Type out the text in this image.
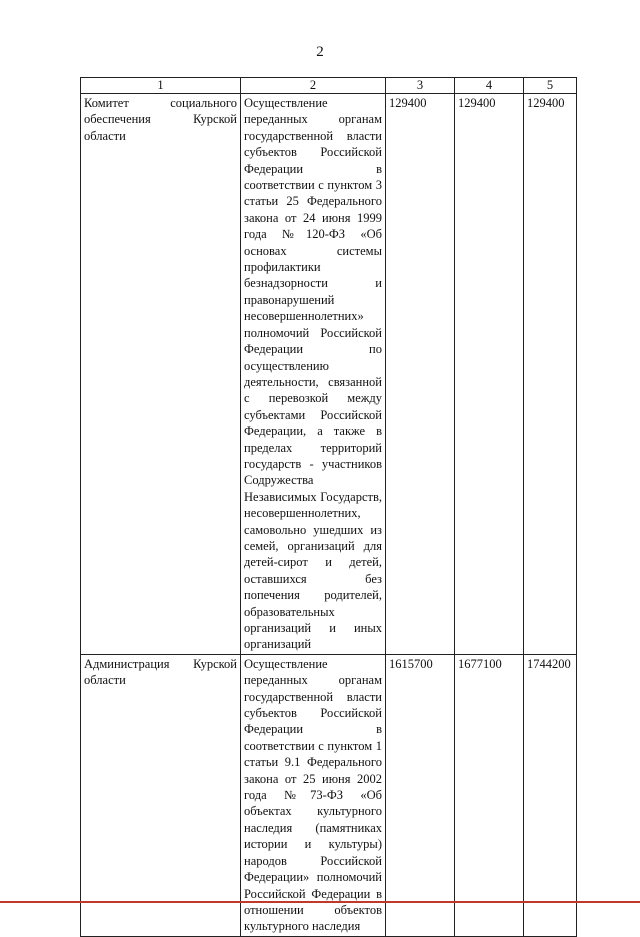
2
1	2	3	4	5
Комитет социального обеспечения Курской области	Осуществление переданных органам государственной власти субъектов Российской Федерации в соответствии с пунктом 3 статьи 25 Федерального закона от 24 июня 1999 года №120-ФЗ «Об основах системы профилактики безнадзорности и правонарушений несовершеннолетних» полномочий Российской Федерации по осуществлению деятельности, связанной с перевозкой между субъектами Российской Федерации, а также в пределах территорий государств - участников Содружества Независимых Государств, несовершеннолетних, самовольно ушедших из семей, организаций для детей-сирот и детей, оставшихся без попечения родителей, образовательных организаций и иных организаций	129400	129400	129400
Администрация Курской области	Осуществление переданных органам государственной власти субъектов Российской Федерации в соответствии с пунктом 1 статьи 9.1 Федерального закона от 25 июня 2002 года №73-ФЗ «Об объектах культурного наследия (памятниках истории и культуры) народов Российской Федерации» полномочий Российской Федерации в отношении объектов культурного наследия	1615700	1677100	1744200
